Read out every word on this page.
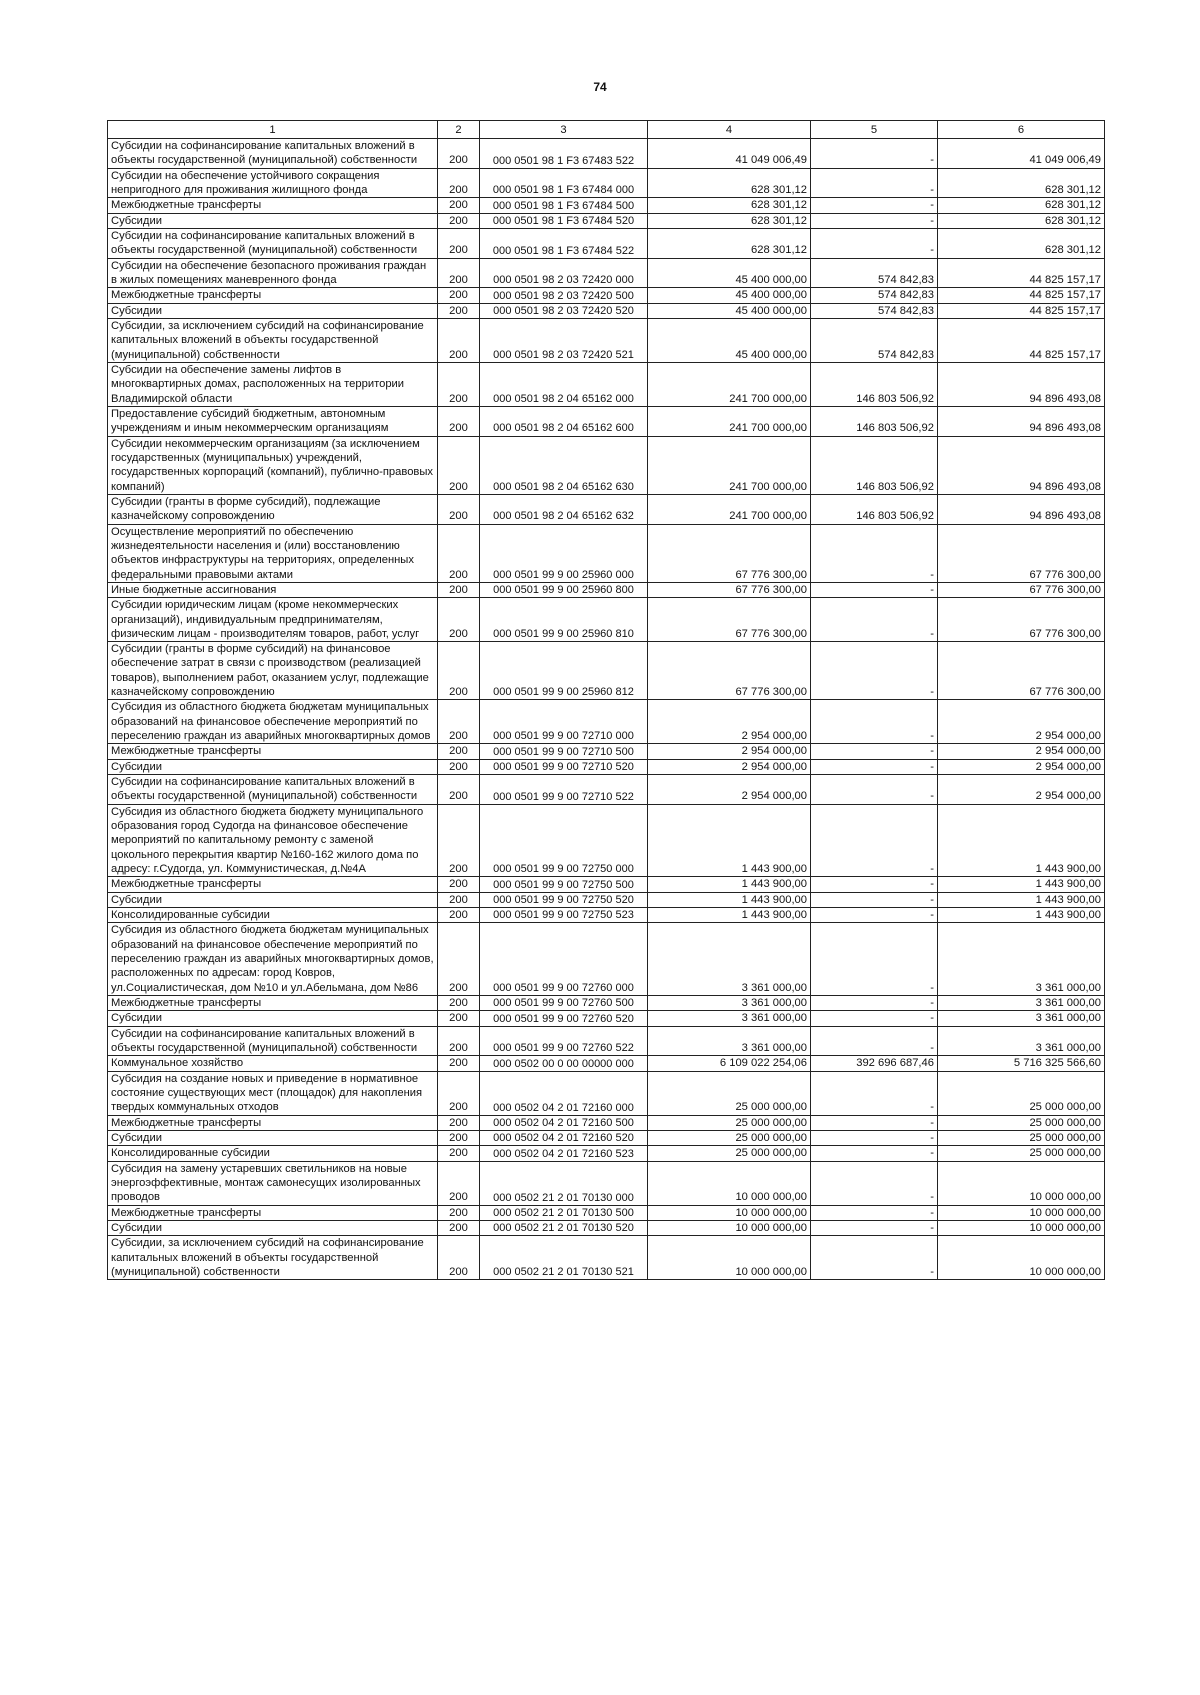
74
1	2	3	4	5	6
Субсидии на софинансирование капитальных вложений в объекты государственной (муниципальной) собственности	200	000 0501 98 1 F3 67483 522	41 049 006,49	-	41 049 006,49
Субсидии на обеспечение устойчивого сокращения непригодного для проживания жилищного фонда	200	000 0501 98 1 F3 67484 000	628 301,12	-	628 301,12
Межбюджетные трансферты	200	000 0501 98 1 F3 67484 500	628 301,12	-	628 301,12
Субсидии	200	000 0501 98 1 F3 67484 520	628 301,12	-	628 301,12
Субсидии на софинансирование капитальных вложений в объекты государственной (муниципальной) собственности	200	000 0501 98 1 F3 67484 522	628 301,12	-	628 301,12
Субсидии на обеспечение безопасного проживания граждан в жилых помещениях маневренного фонда	200	000 0501 98 2 03 72420 000	45 400 000,00	574 842,83	44 825 157,17
Межбюджетные трансферты	200	000 0501 98 2 03 72420 500	45 400 000,00	574 842,83	44 825 157,17
Субсидии	200	000 0501 98 2 03 72420 520	45 400 000,00	574 842,83	44 825 157,17
Субсидии, за исключением субсидий на софинансирование капитальных вложений в объекты государственной (муниципальной) собственности	200	000 0501 98 2 03 72420 521	45 400 000,00	574 842,83	44 825 157,17
Субсидии на обеспечение замены лифтов в многоквартирных домах, расположенных на территории Владимирской области	200	000 0501 98 2 04 65162 000	241 700 000,00	146 803 506,92	94 896 493,08
Предоставление субсидий бюджетным, автономным учреждениям и иным некоммерческим организациям	200	000 0501 98 2 04 65162 600	241 700 000,00	146 803 506,92	94 896 493,08
Субсидии некоммерческим организациям (за исключением государственных (муниципальных) учреждений, государственных корпораций (компаний), публично-правовых компаний)	200	000 0501 98 2 04 65162 630	241 700 000,00	146 803 506,92	94 896 493,08
Субсидии (гранты в форме субсидий), подлежащие казначейскому сопровождению	200	000 0501 98 2 04 65162 632	241 700 000,00	146 803 506,92	94 896 493,08
Осуществление мероприятий по обеспечению жизнедеятельности населения и (или) восстановлению объектов инфраструктуры на территориях, определенных федеральными правовыми актами	200	000 0501 99 9 00 25960 000	67 776 300,00	-	67 776 300,00
Иные бюджетные ассигнования	200	000 0501 99 9 00 25960 800	67 776 300,00	-	67 776 300,00
Субсидии юридическим лицам (кроме некоммерческих организаций), индивидуальным предпринимателям, физическим лицам - производителям товаров, работ, услуг	200	000 0501 99 9 00 25960 810	67 776 300,00	-	67 776 300,00
Субсидии (гранты в форме субсидий) на финансовое обеспечение затрат в связи с производством (реализацией товаров), выполнением работ, оказанием услуг, подлежащие казначейскому сопровождению	200	000 0501 99 9 00 25960 812	67 776 300,00	-	67 776 300,00
Субсидия из областного бюджета бюджетам муниципальных образований на финансовое обеспечение мероприятий по переселению граждан из аварийных многоквартирных домов	200	000 0501 99 9 00 72710 000	2 954 000,00	-	2 954 000,00
Межбюджетные трансферты	200	000 0501 99 9 00 72710 500	2 954 000,00	-	2 954 000,00
Субсидии	200	000 0501 99 9 00 72710 520	2 954 000,00	-	2 954 000,00
Субсидии на софинансирование капитальных вложений в объекты государственной (муниципальной) собственности	200	000 0501 99 9 00 72710 522	2 954 000,00	-	2 954 000,00
Субсидия из областного бюджета бюджету муниципального образования город Судогда на финансовое обеспечение мероприятий по капитальному ремонту с заменой цокольного перекрытия квартир №160-162 жилого дома по адресу: г.Судогда, ул. Коммунистическая, д.№4А	200	000 0501 99 9 00 72750 000	1 443 900,00	-	1 443 900,00
Межбюджетные трансферты	200	000 0501 99 9 00 72750 500	1 443 900,00	-	1 443 900,00
Субсидии	200	000 0501 99 9 00 72750 520	1 443 900,00	-	1 443 900,00
Консолидированные субсидии	200	000 0501 99 9 00 72750 523	1 443 900,00	-	1 443 900,00
Субсидия из областного бюджета бюджетам муниципальных образований на финансовое обеспечение мероприятий по переселению граждан из аварийных многоквартирных домов, расположенных по адресам: город Ковров, ул.Социалистическая, дом №10 и ул.Абельмана, дом №86	200	000 0501 99 9 00 72760 000	3 361 000,00	-	3 361 000,00
Межбюджетные трансферты	200	000 0501 99 9 00 72760 500	3 361 000,00	-	3 361 000,00
Субсидии	200	000 0501 99 9 00 72760 520	3 361 000,00	-	3 361 000,00
Субсидии на софинансирование капитальных вложений в объекты государственной (муниципальной) собственности	200	000 0501 99 9 00 72760 522	3 361 000,00	-	3 361 000,00
Коммунальное хозяйство	200	000 0502 00 0 00 00000 000	6 109 022 254,06	392 696 687,46	5 716 325 566,60
Субсидия на создание новых и приведение в нормативное состояние существующих мест (площадок) для накопления твердых коммунальных отходов	200	000 0502 04 2 01 72160 000	25 000 000,00	-	25 000 000,00
Межбюджетные трансферты	200	000 0502 04 2 01 72160 500	25 000 000,00	-	25 000 000,00
Субсидии	200	000 0502 04 2 01 72160 520	25 000 000,00	-	25 000 000,00
Консолидированные субсидии	200	000 0502 04 2 01 72160 523	25 000 000,00	-	25 000 000,00
Субсидия на замену устаревших светильников на новые энергоэффективные, монтаж самонесущих изолированных проводов	200	000 0502 21 2 01 70130 000	10 000 000,00	-	10 000 000,00
Межбюджетные трансферты	200	000 0502 21 2 01 70130 500	10 000 000,00	-	10 000 000,00
Субсидии	200	000 0502 21 2 01 70130 520	10 000 000,00	-	10 000 000,00
Субсидии, за исключением субсидий на софинансирование капитальных вложений в объекты государственной (муниципальной) собственности	200	000 0502 21 2 01 70130 521	10 000 000,00	-	10 000 000,00
